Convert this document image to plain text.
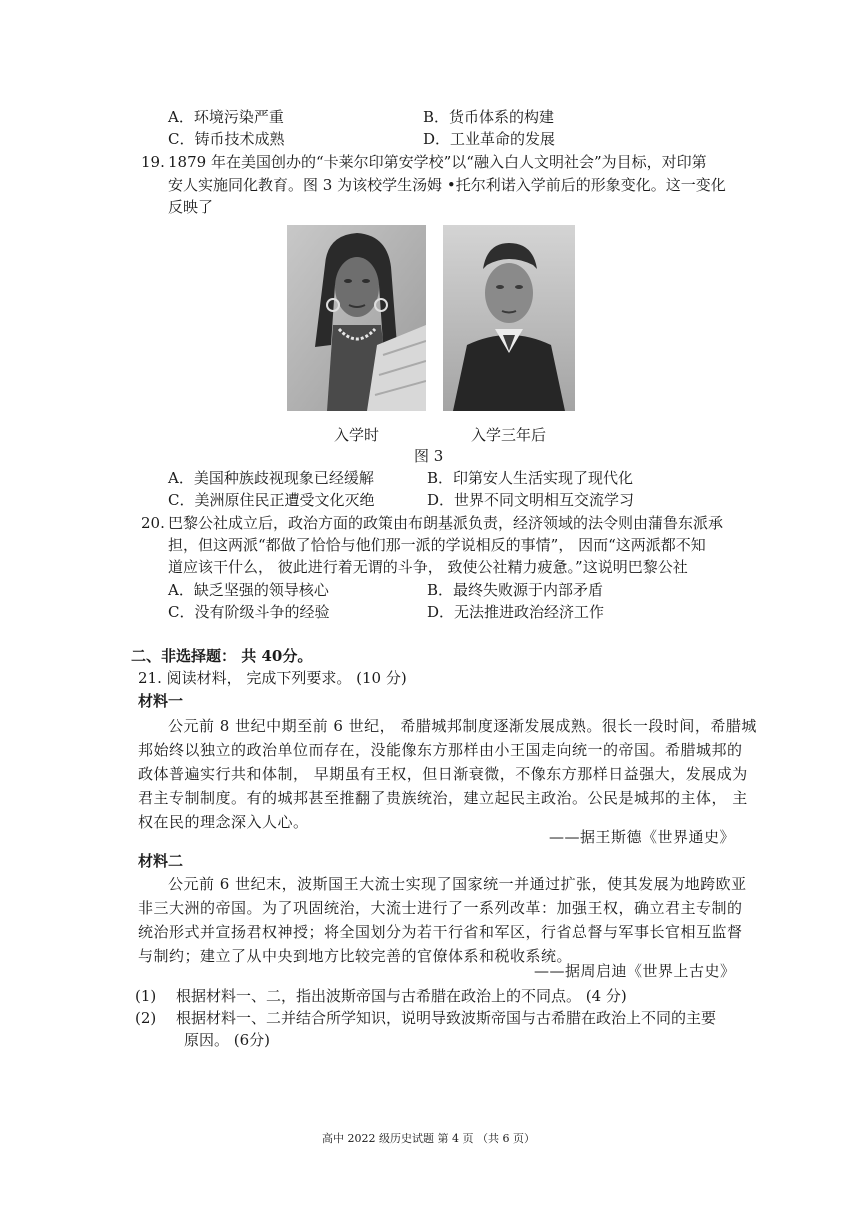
A．环境污染严重	B．货币体系的构建
C．铸币技术成熟	D．工业革命的发展
19. 1879 年在美国创办的“卡莱尔印第安学校”以“融入白人文明社会”为目标，对印第
安人实施同化教育。图 3 为该校学生汤姆 •托尔利诺入学前后的形象变化。这一变化
反映了
入学时	入学三年后
图 3
A．美国种族歧视现象已经缓解	B．印第安人生活实现了现代化
C．美洲原住民正遭受文化灭绝	D．世界不同文明相互交流学习
20. 巴黎公社成立后，政治方面的政策由布朗基派负责，经济领域的法令则由蒲鲁东派承
担，但这两派“都做了恰恰与他们那一派的学说相反的事情”， 因而“这两派都不知
道应该干什么， 彼此进行着无谓的斗争， 致使公社精力疲惫。”这说明巴黎公社
A．缺乏坚强的领导核心	B．最终失败源于内部矛盾
C．没有阶级斗争的经验	D．无法推进政治经济工作
二、非选择题： 共 40分。
21. 阅读材料， 完成下列要求。 (10 分)
材料一
公元前 8 世纪中期至前 6 世纪， 希腊城邦制度逐渐发展成熟。很长一段时间，希腊城
邦始终以独立的政治单位而存在，没能像东方那样由小王国走向统一的帝国。希腊城邦的
政体普遍实行共和体制， 早期虽有王权，但日渐衰微，不像东方那样日益强大，发展成为
君主专制制度。有的城邦甚至推翻了贵族统治，建立起民主政治。公民是城邦的主体， 主
权在民的理念深入人心。
——据王斯德《世界通史》
材料二
公元前 6 世纪末，波斯国王大流士实现了国家统一并通过扩张，使其发展为地跨欧亚
非三大洲的帝国。为了巩固统治，大流士进行了一系列改革：加强王权，确立君主专制的
统治形式并宣扬君权神授；将全国划分为若干行省和军区，行省总督与军事长官相互监督
与制约；建立了从中央到地方比较完善的官僚体系和税收系统。
——据周启迪《世界上古史》
(1) 根据材料一、二，指出波斯帝国与古希腊在政治上的不同点。 (4 分)
(2) 根据材料一、二并结合所学知识，说明导致波斯帝国与古希腊在政治上不同的主要
原因。 (6分)
高中 2022 级历史试题 第 4 页 （共 6 页）
